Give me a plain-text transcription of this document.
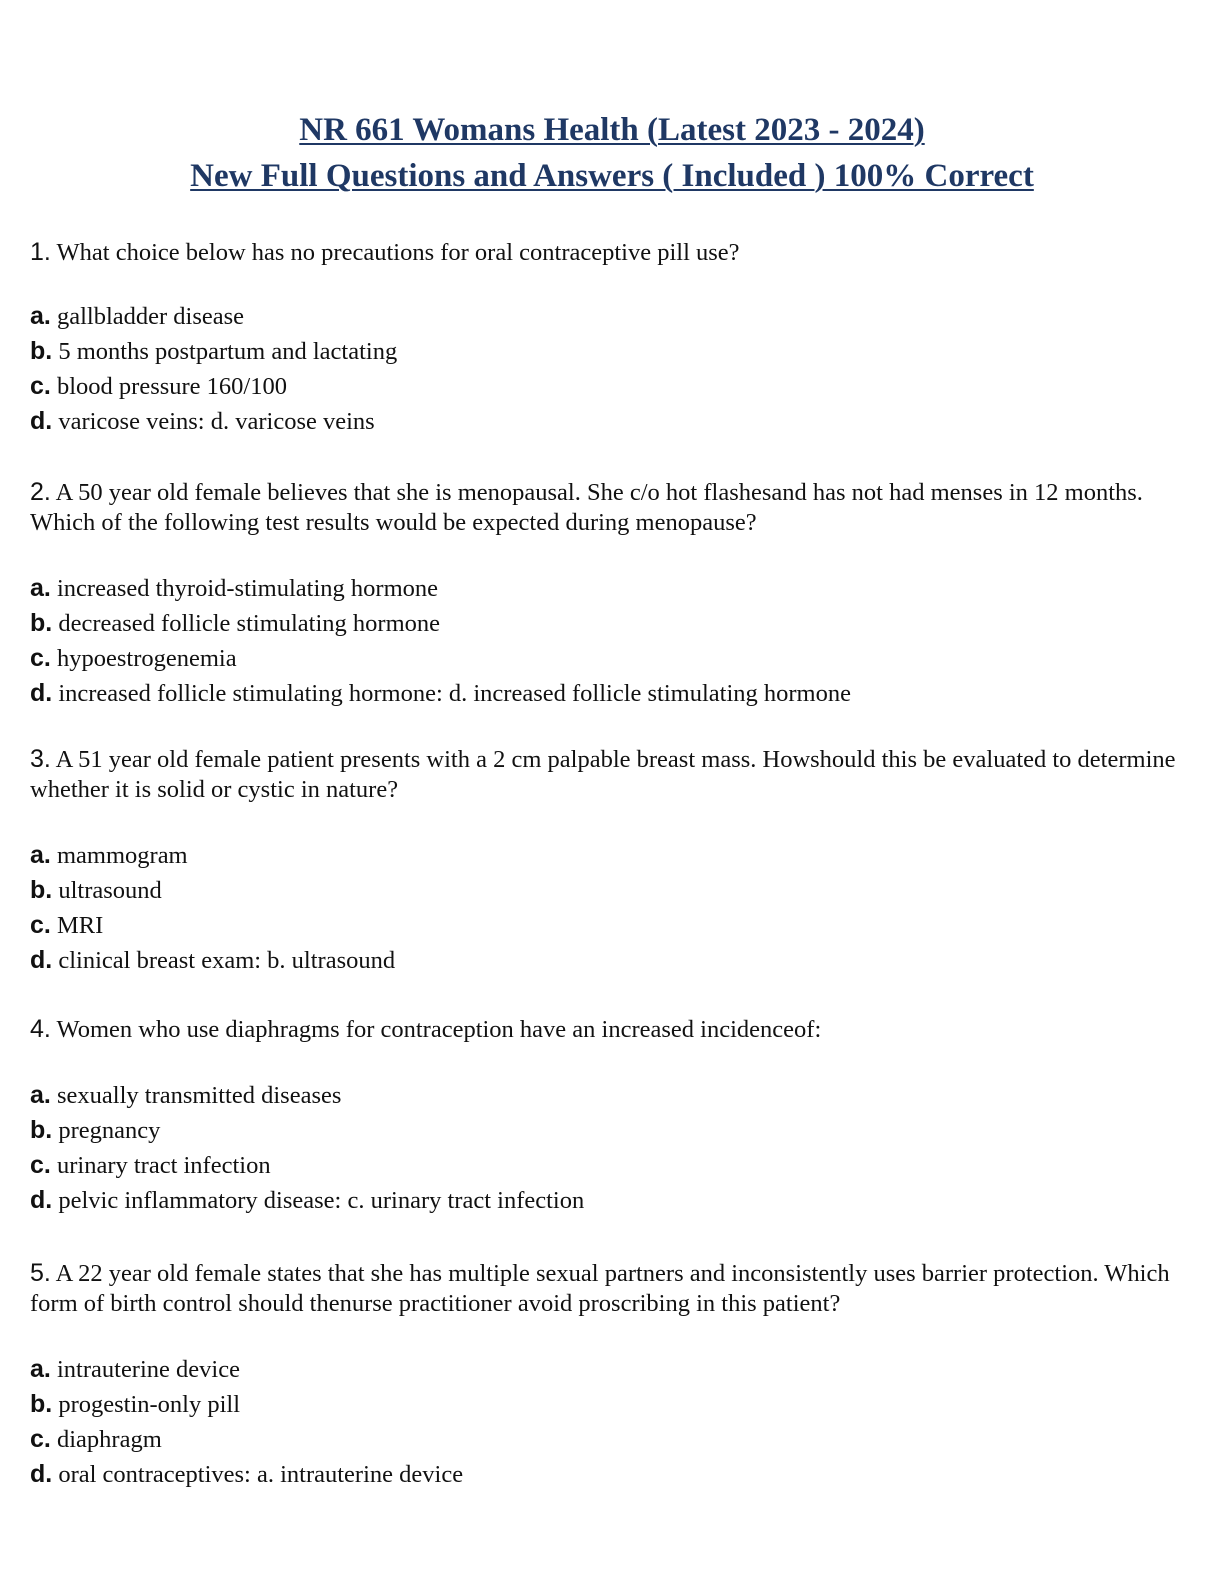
NR 661 Womans Health (Latest 2023 - 2024)
New Full Questions and Answers ( Included ) 100% Correct

1. What choice below has no precautions for oral contraceptive pill use?

a. gallbladder disease
b. 5 months postpartum and lactating
c. blood pressure 160/100
d. varicose veins: d. varicose veins

2. A 50 year old female believes that she is menopausal. She c/o hot flashesand has not had menses in 12 months. Which of the following test results would be expected during menopause?

a. increased thyroid-stimulating hormone
b. decreased follicle stimulating hormone
c. hypoestrogenemia
d. increased follicle stimulating hormone: d. increased follicle stimulating hormone

3. A 51 year old female patient presents with a 2 cm palpable breast mass. Howshould this be evaluated to determine whether it is solid or cystic in nature?

a. mammogram
b. ultrasound
c. MRI
d. clinical breast exam: b. ultrasound

4. Women who use diaphragms for contraception have an increased incidenceof:

a. sexually transmitted diseases
b. pregnancy
c. urinary tract infection
d. pelvic inflammatory disease: c. urinary tract infection

5. A 22 year old female states that she has multiple sexual partners and inconsistently uses barrier protection. Which form of birth control should thenurse practitioner avoid proscribing in this patient?

a. intrauterine device
b. progestin-only pill
c. diaphragm
d. oral contraceptives: a. intrauterine device
